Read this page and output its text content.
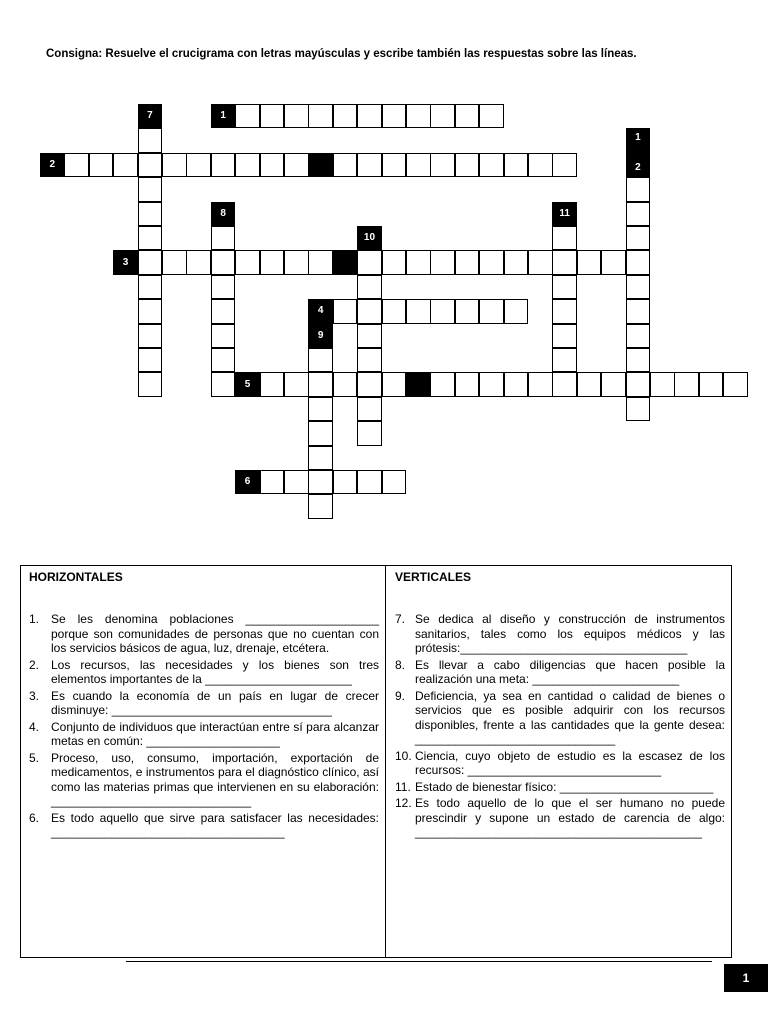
Consigna: Resuelve el crucigrama con letras mayúsculas y escribe también las respuestas sobre las líneas.
1
2
3
4
5
6
7
8
9
10
11
1
2
HORIZONTALES
1. Se les denomina poblaciones ____________________ porque son comunidades de personas que no cuentan con los servicios básicos de agua, luz, drenaje, etcétera.
2. Los recursos, las necesidades y los bienes son tres elementos importantes de la ______________________
3. Es cuando la economía de un país en lugar de crecer disminuye: _________________________________
4. Conjunto de individuos que interactúan entre sí para alcanzar metas en común: ____________________
5. Proceso, uso, consumo, importación, exportación de medicamentos, e instrumentos para el diagnóstico clínico, así como las materias primas que intervienen en su elaboración: ______________________________
6. Es todo aquello que sirve para satisfacer las necesidades: ___________________________________
VERTICALES
7. Se dedica al diseño y construcción de instrumentos sanitarios, tales como los equipos médicos y las prótesis:__________________________________
8. Es llevar a cabo diligencias que hacen posible la realización una meta: ______________________
9. Deficiencia, ya sea en cantidad o calidad de bienes o servicios que es posible adquirir con los recursos disponibles, frente a las cantidades que la gente desea: ______________________________
10. Ciencia, cuyo objeto de estudio es la escasez de los recursos: _____________________________
11. Estado de bienestar físico: _______________________
12. Es todo aquello de lo que el ser humano no puede prescindir y supone un estado de carencia de algo: ___________________________________________
1
